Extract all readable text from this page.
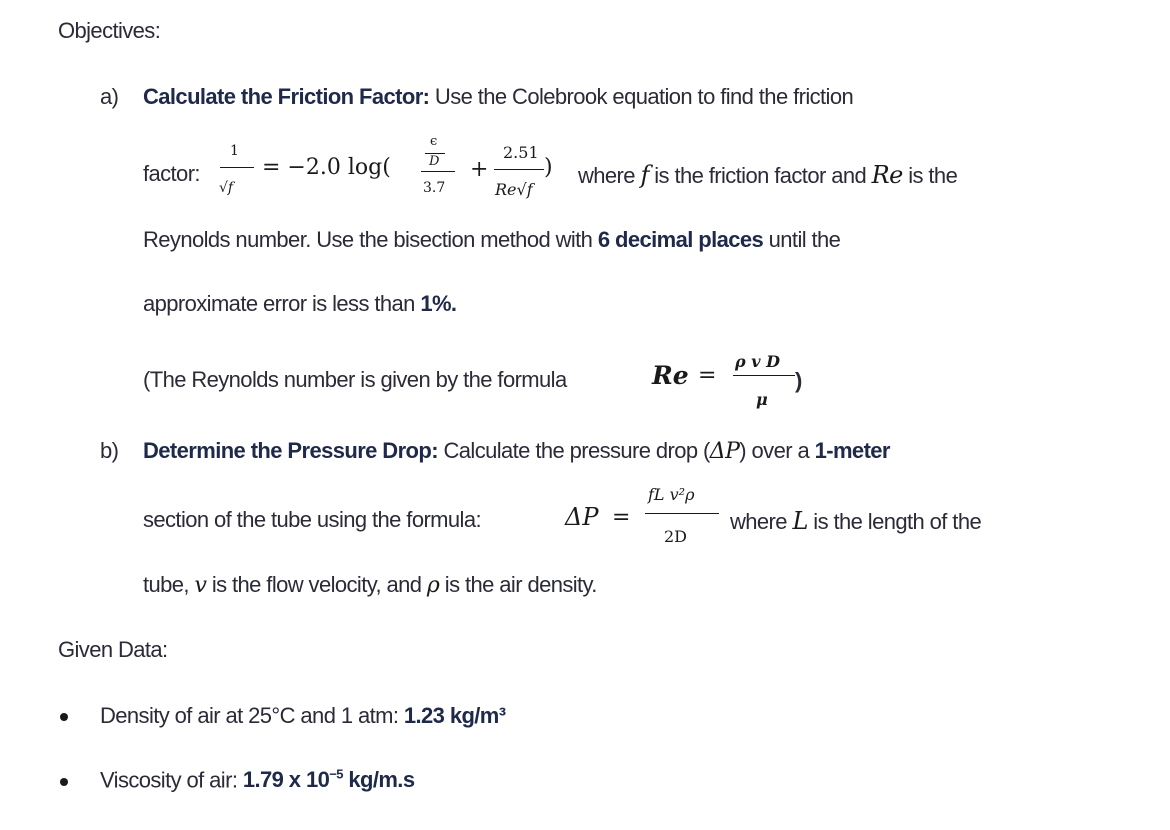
Objectives:
a) Calculate the Friction Factor: Use the Colebrook equation to find the friction
factor:
1
√f
= −2.0 log(
ϵ
D
3.7
+
2.51
Re√f
) where f is the friction factor and Re is the
Reynolds number. Use the bisection method with 6 decimal places until the
approximate error is less than 1%.
(The Reynolds number is given by the formula	Re =
ρ v D
μ
)
b) Determine the Pressure Drop: Calculate the pressure drop (ΔP) over a 1-meter
section of the tube using the formula:	ΔP =
fL v²ρ
2D
where L is the length of the
tube, v is the flow velocity, and ρ is the air density.
Given Data:
Density of air at 25°C and 1 atm: 1.23 kg/m³
Viscosity of air: 1.79 x $10^{-5}$ kg/m.s
